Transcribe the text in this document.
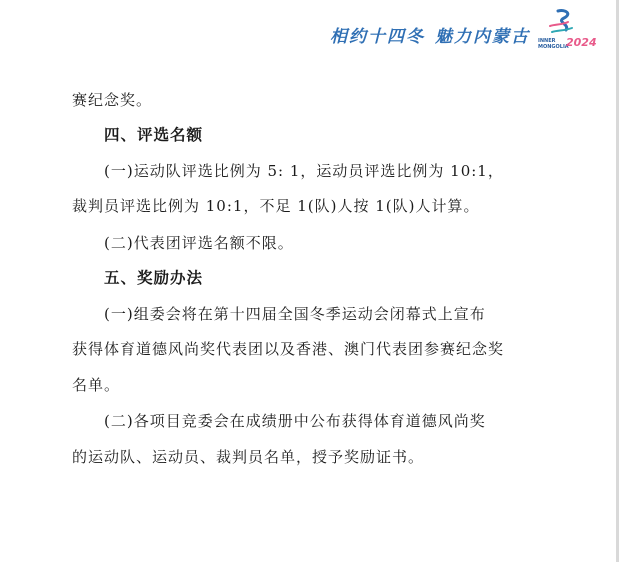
相约十四冬 魅力内蒙古	INNER
MONGOLIA
2024

赛纪念奖。

四、评选名额

(一)运动队评选比例为 5: 1，运动员评选比例为 10:1，

裁判员评选比例为 10:1，不足 1(队)人按 1(队)人计算。

(二)代表团评选名额不限。

五、奖励办法

(一)组委会将在第十四届全国冬季运动会闭幕式上宣布

获得体育道德风尚奖代表团以及香港、澳门代表团参赛纪念奖

名单。

(二)各项目竞委会在成绩册中公布获得体育道德风尚奖

的运动队、运动员、裁判员名单，授予奖励证书。
